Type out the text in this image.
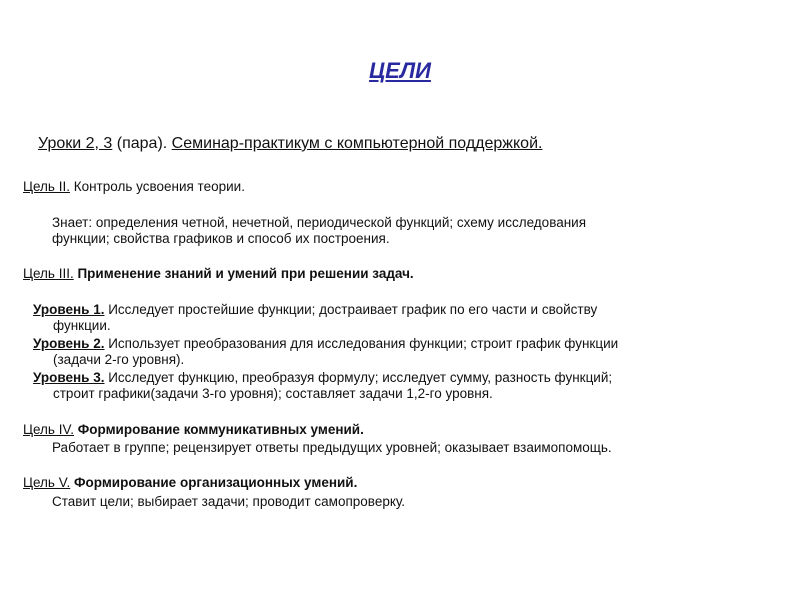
ЦЕЛИ
Уроки 2, 3 (пара). Семинар-практикум с компьютерной поддержкой.
Цель II. Контроль усвоения теории.
Знает: определения четной, нечетной, периодической функций; схему исследования
функции; свойства графиков и способ их построения.
Цель III. Применение знаний и умений при решении задач.
Уровень 1. Исследует простейшие функции; достраивает график по его части и свойству
функции.
Уровень 2. Использует преобразования для исследования функции; строит график функции
(задачи 2-го уровня).
Уровень 3. Исследует функцию, преобразуя формулу; исследует сумму, разность функций;
строит графики(задачи 3-го уровня); составляет задачи 1,2-го уровня.
Цель IV. Формирование коммуникативных умений.
Работает в группе; рецензирует ответы предыдущих уровней; оказывает взаимопомощь.
Цель V. Формирование организационных умений.
Ставит цели; выбирает задачи; проводит самопроверку.
